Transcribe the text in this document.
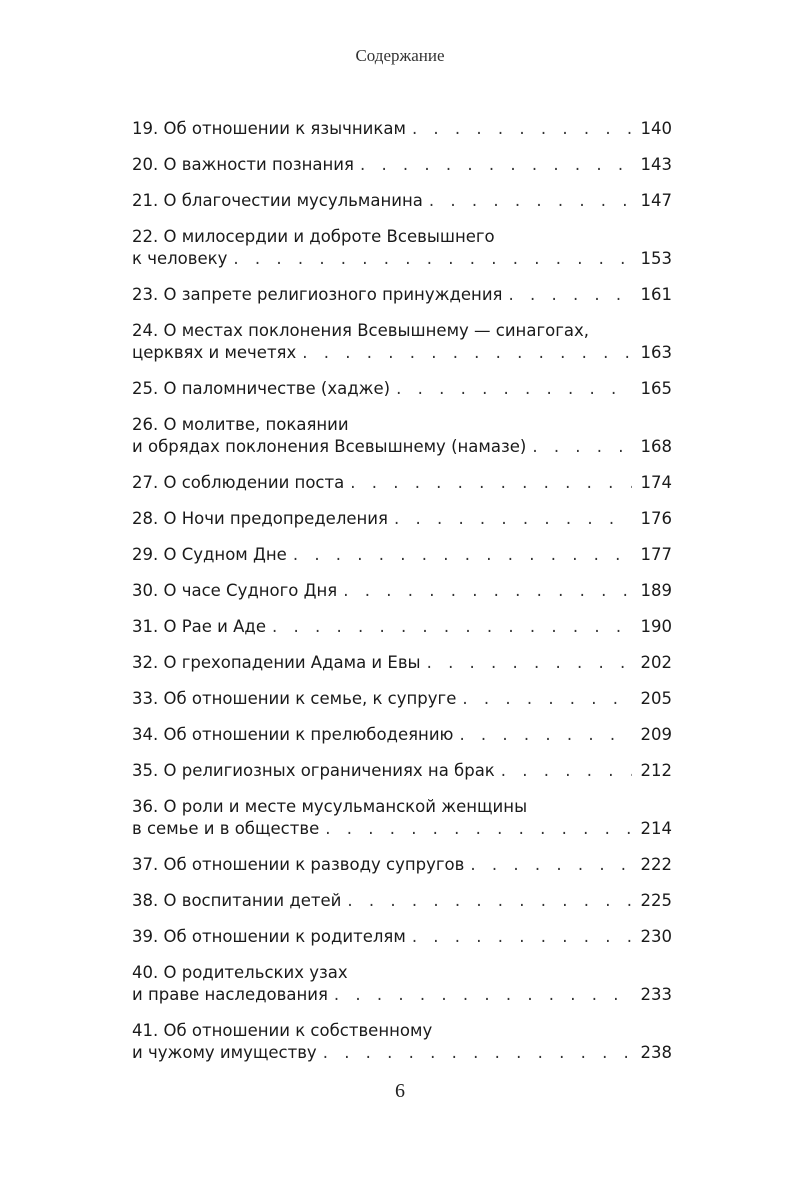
Содержание
19. Об отношении к язычникам . . .	140
20. О важности познания . . .	143
21. О благочестии мусульманина . . .	147
22. О милосердии и доброте Всевышнего
к человеку . . .	153
23. О запрете религиозного принуждения . . .	161
24. О местах поклонения Всевышнему — синагогах,
церквях и мечетях . . .	163
25. О паломничестве (хадже) . . .	165
26. О молитве, покаянии
и обрядах поклонения Всевышнему (намазе) . . .	168
27. О соблюдении поста . . .	174
28. О Ночи предопределения . . .	176
29. О Судном Дне . . .	177
30. О часе Судного Дня . . .	189
31. О Рае и Аде . . .	190
32. О грехопадении Адама и Евы . . .	202
33. Об отношении к семье, к супруге . . .	205
34. Об отношении к прелюбодеянию . . .	209
35. О религиозных ограничениях на брак . . .	212
36. О роли и месте мусульманской женщины
в семье и в обществе . . .	214
37. Об отношении к разводу супругов . . .	222
38. О воспитании детей . . .	225
39. Об отношении к родителям . . .	230
40. О родительских узах
и праве наследования . . .	233
41. Об отношении к собственному
и чужому имуществу . . .	238
6
